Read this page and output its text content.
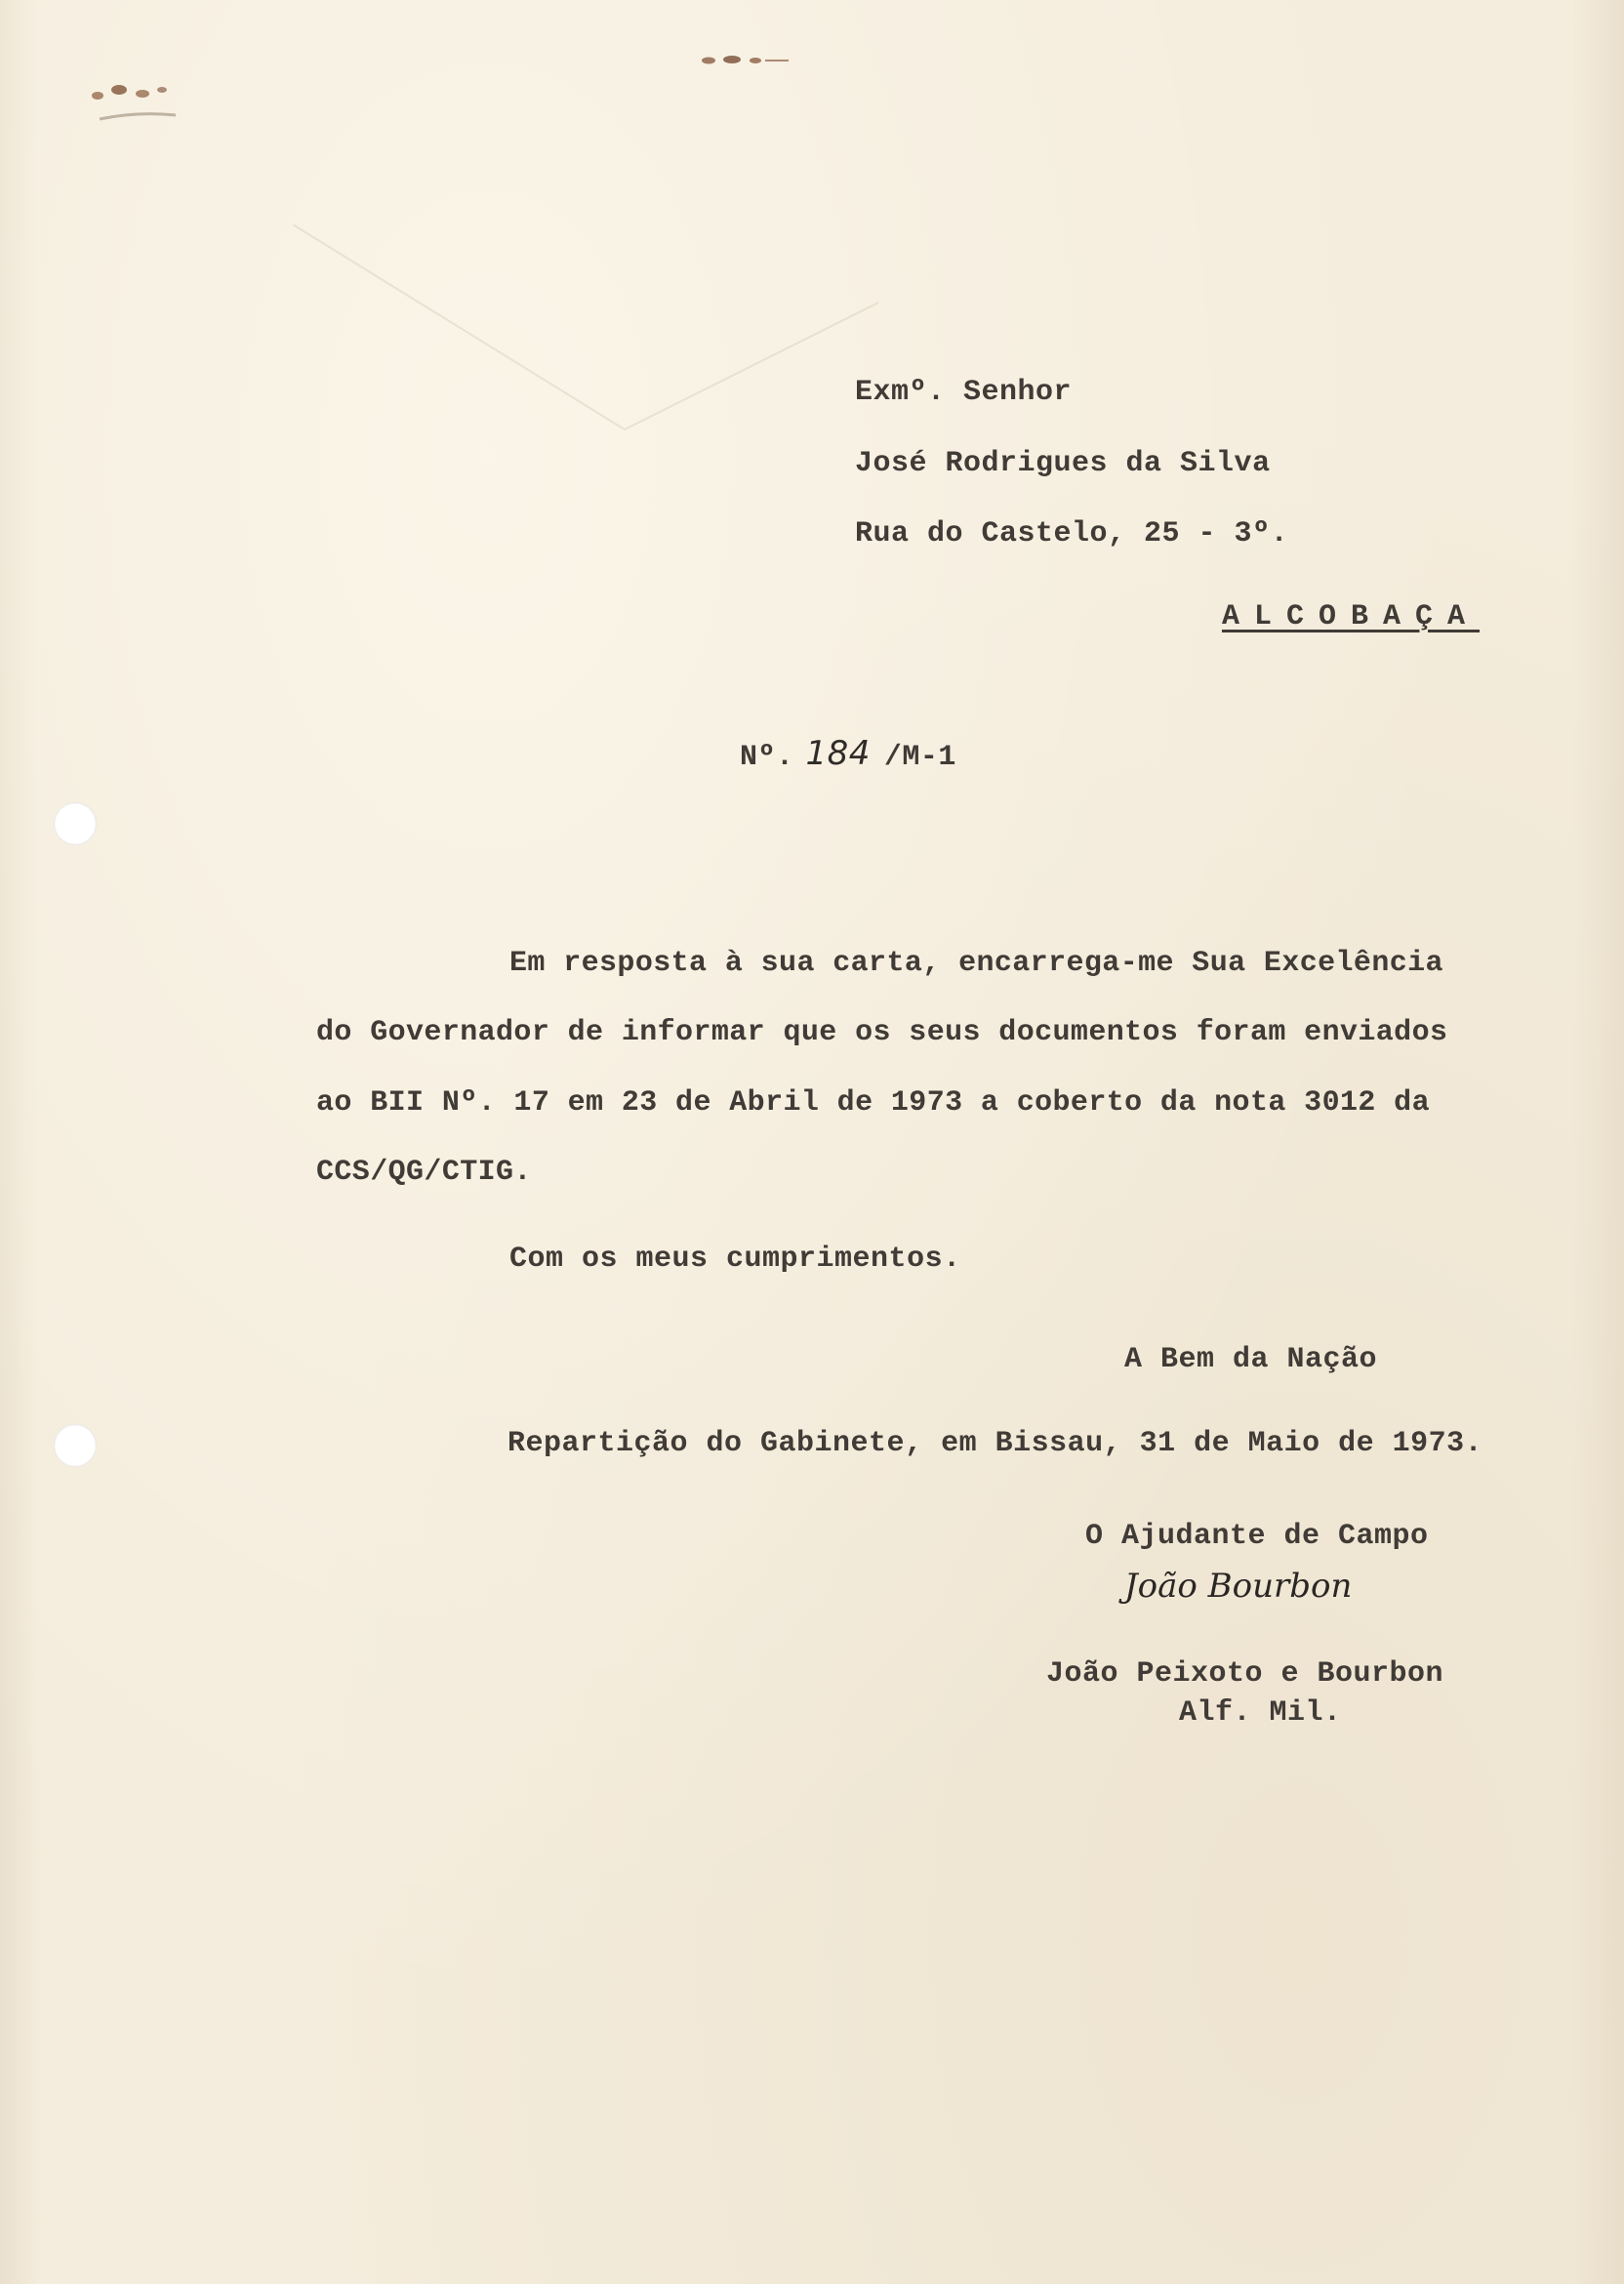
Exmº. Senhor
José Rodrigues da Silva
Rua do Castelo, 25 - 3º.
ALCOBAÇA
Nº. 184 /M-1
Em resposta à sua carta, encarrega-me Sua Excelência
do Governador de informar que os seus documentos foram enviados
ao BII Nº. 17 em 23 de Abril de 1973 a coberto da nota 3012 da
CCS/QG/CTIG.
Com os meus cumprimentos.
A Bem da Nação
Repartição do Gabinete, em Bissau, 31 de Maio de 1973.
O Ajudante de Campo
João Bourbon
João Peixoto e Bourbon
Alf. Mil.
